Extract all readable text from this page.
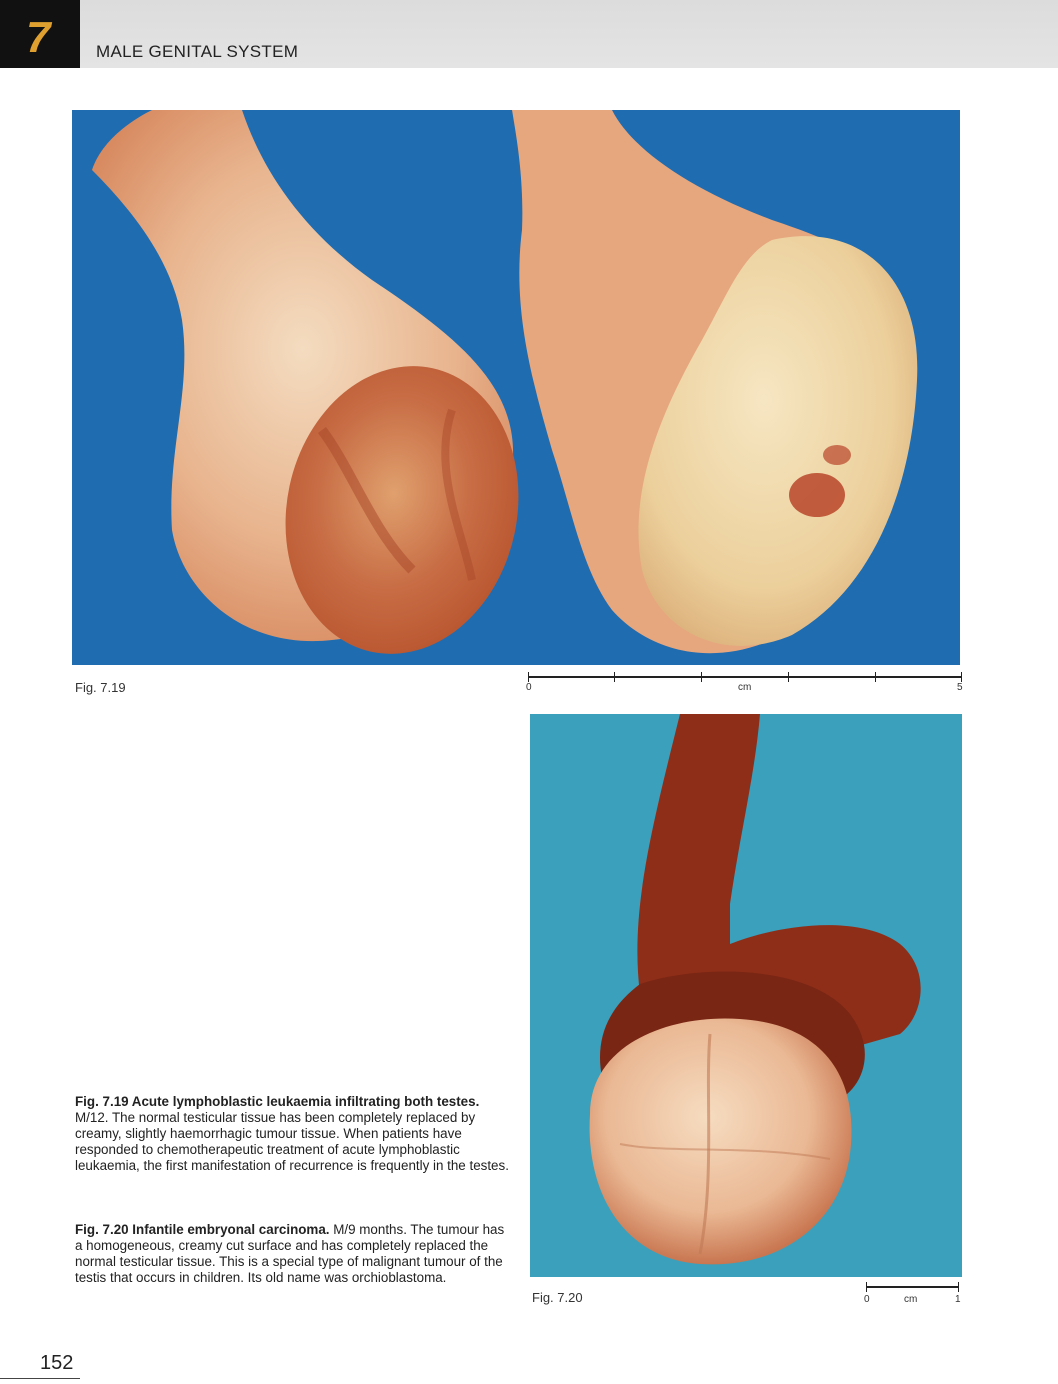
7	MALE GENITAL SYSTEM
Fig. 7.19	0	cm	5
Fig. 7.20	0	cm	1
Fig. 7.19 Acute lymphoblastic leukaemia infiltrating both testes. M/12. The normal testicular tissue has been completely replaced by creamy, slightly haemorrhagic tumour tissue. When patients have responded to chemotherapeutic treatment of acute lymphoblastic leukaemia, the first manifestation of recurrence is frequently in the testes.
Fig. 7.20 Infantile embryonal carcinoma. M/9 months. The tumour has a homogeneous, creamy cut surface and has completely replaced the normal testicular tissue. This is a special type of malignant tumour of the testis that occurs in children. Its old name was orchioblastoma.
152
